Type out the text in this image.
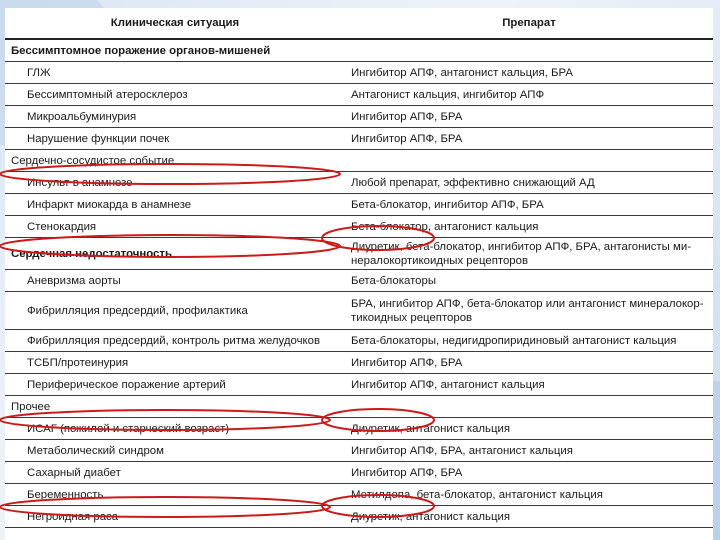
Клиническая ситуация	Препарат
Бессимптомное поражение органов-мишеней	
ГЛЖ	Ингибитор АПФ, антагонист кальция, БРА
Бессимптомный атеросклероз	Антагонист кальция, ингибитор АПФ
Микроальбуминурия	Ингибитор АПФ, БРА
Нарушение функции почек	Ингибитор АПФ, БРА
Сердечно-сосудистое событие	
Инсульт в анамнезе	Любой препарат, эффективно снижающий АД
Инфаркт миокарда в анамнезе	Бета-блокатор, ингибитор АПФ, БРА
Стенокардия	Бета-блокатор, антагонист кальция
Сердечная недостаточность	Диуретик, бета-блокатор, ингибитор АПФ, БРА, антагонисты ми-
нералокортикоидных рецепторов
Аневризма аорты	Бета-блокаторы
Фибрилляция предсердий, профилактика	БРА, ингибитор АПФ, бета-блокатор или антагонист минералокор-
тикоидных рецепторов
Фибрилляция предсердий, контроль ритма желудочков	Бета-блокаторы, недигидропиридиновый антагонист кальция
ТСБП/протеинурия	Ингибитор АПФ, БРА
Периферическое поражение артерий	Ингибитор АПФ, антагонист кальция
Прочее	
ИСАГ (пожилой и старческий возраст)	Диуретик, антагонист кальция
Метаболический синдром	Ингибитор АПФ, БРА, антагонист кальция
Сахарный диабет	Ингибитор АПФ, БРА
Беременность	Метилдопа, бета-блокатор, антагонист кальция
Негроидная раса	Диуретик, антагонист кальция
